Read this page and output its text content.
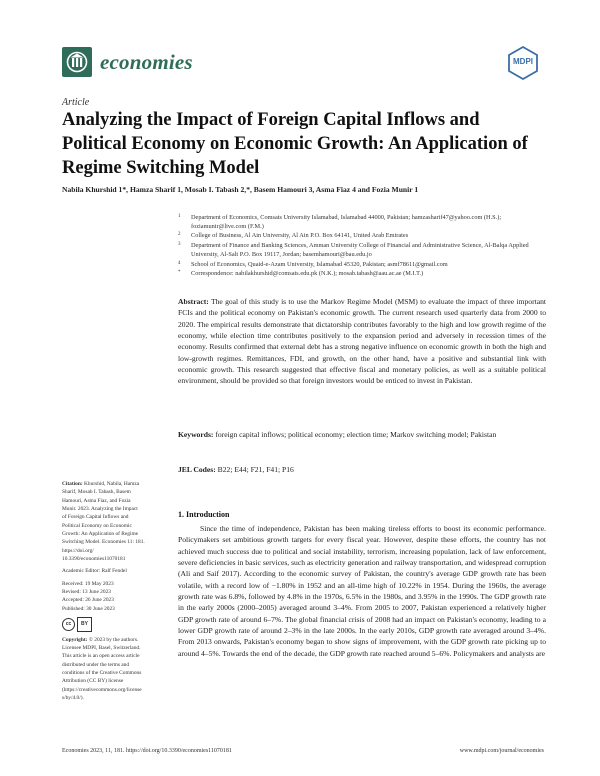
economies	MDPI
Article
Analyzing the Impact of Foreign Capital Inflows and Political Economy on Economic Growth: An Application of Regime Switching Model
Nabila Khurshid 1*, Hamza Sharif 1, Mosab I. Tabash 2,*, Basem Hamouri 3, Asma Fiaz 4 and Fozia Munir 1
1 Department of Economics, Comsats University Islamabad, Islamabad 44000, Pakistan; hamzasharif47@yahoo.com (H.S.); foziamunir@live.com (F.M.)
2 College of Business, Al Ain University, Al Ain P.O. Box 64141, United Arab Emirates
3 Department of Finance and Banking Sciences, Amman University College of Financial and Administrative Science, Al-Balqa Applied University, Al-Salt P.O. Box 19117, Jordan; basemhamouri@bau.edu.jo
4 School of Economics, Quaid-e-Azam University, Islamabad 45320, Pakistan; asmf78611@gmail.com
* Correspondence: nabilakhurshid@comsats.edu.pk (N.K.); mosab.tabash@aau.ac.ae (M.I.T.)
Abstract: The goal of this study is to use the Markov Regime Model (MSM) to evaluate the impact of three important FCIs and the political economy on Pakistan's economic growth. The current research used quarterly data from 2000 to 2020. The empirical results demonstrate that dictatorship contributes favorably to the high and low growth regime of the economy, while election time contributes positively to the expansion period and adversely in recession times of the economy. Results confirmed that external debt has a strong negative influence on economic growth in both the high and low-growth regimes. Remittances, FDI, and growth, on the other hand, have a positive and substantial link with economic growth. This research suggested that effective fiscal and monetary policies, as well as a suitable political environment, should be provided so that foreign investors would be enticed to invest in Pakistan.
Keywords: foreign capital inflows; political economy; election time; Markov switching model; Pakistan
JEL Codes: B22; E44; F21, F41; P16
Citation: Khurshid, Nabila, Hamza
Sharif, Mosab I. Tabash, Basem
Hamouri, Asma Fiaz, and Fozia
Munir. 2023. Analyzing the Impact
of Foreign Capital Inflows and
Political Economy on Economic
Growth: An Application of Regime
Switching Model. Economies 11: 181.
https://doi.org/
10.3390/economies11070181
Academic Editor: Ralf Fendel
Received: 19 May 2023
Revised: 13 June 2023
Accepted: 26 June 2023
Published: 30 June 2023
cc	BY
Copyright: © 2023 by the authors.
Licensee MDPI, Basel, Switzerland.
This article is an open access article
distributed under the terms and
conditions of the Creative Commons
Attribution (CC BY) license
(https://creativecommons.org/license
s/by/4.0/).
1. Introduction

Since the time of independence, Pakistan has been making tireless efforts to boost its economic performance. Policymakers set ambitious growth targets for every fiscal year. However, despite these efforts, the country has not achieved much success due to political and social instability, terrorism, increasing population, lack of law enforcement, severe deficiencies in basic services, such as electricity generation and railway transportation, and widespread corruption (Ali and Saif 2017). According to the economic survey of Pakistan, the country's average GDP growth rate has been volatile, with a record low of −1.80% in 1952 and an all-time high of 10.22% in 1954. During the 1960s, the average growth rate was 6.8%, followed by 4.8% in the 1970s, 6.5% in the 1980s, and 3.95% in the 1990s. The GDP growth rate in the early 2000s (2000–2005) averaged around 3–4%. From 2005 to 2007, Pakistan experienced a relatively higher GDP growth rate of around 6–7%. The global financial crisis of 2008 had an impact on Pakistan's economy, leading to a lower GDP growth rate of around 2–3% in the late 2000s. In the early 2010s, GDP growth rate averaged around 3–4%. From 2013 onwards, Pakistan's economy began to show signs of improvement, with the GDP growth rate picking up to around 4–5%. Towards the end of the decade, the GDP growth rate reached around 5–6%. Policymakers and analysts are

Economies 2023, 11, 181. https://doi.org/10.3390/economies11070181	www.mdpi.com/journal/economies
